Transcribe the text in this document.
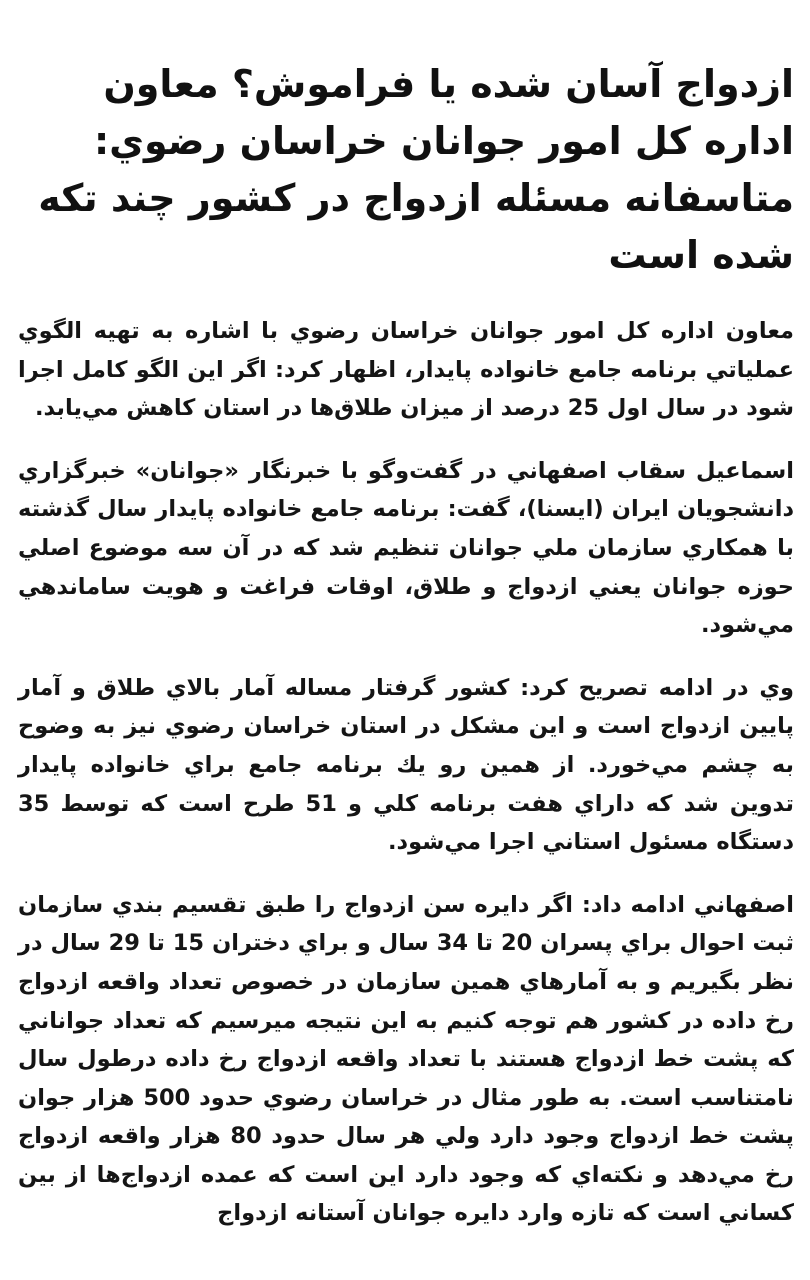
ازدواج آسان شده يا فراموش؟ معاون اداره كل امور جوانان خراسان رضوي: متاسفانه مسئله ازدواج در كشور چند تكه شده است

معاون اداره كل امور جوانان خراسان رضوي با اشاره به تهيه الگوي عملياتي برنامه جامع خانواده پايدار، اظهار كرد: اگر اين الگو كامل اجرا شود در سال اول 25 درصد از ميزان طلاق‌ها در استان كاهش مي‌يابد.

اسماعيل سقاب اصفهاني در گفت‌وگو با خبرنگار «جوانان» خبرگزاري دانشجويان ايران (ايسنا)، گفت: برنامه جامع خانواده پايدار سال گذشته با همكاري سازمان ملي جوانان تنظيم شد كه در آن سه موضوع اصلي حوزه جوانان يعني ازدواج و طلاق، اوقات فراغت و هويت ساماندهي مي‌شود.

وي در ادامه تصريح كرد: كشور گرفتار مساله آمار بالاي طلاق و آمار پايين ازدواج است و اين مشكل در استان خراسان رضوي نيز به وضوح به چشم مي‌خورد. از همين رو يك برنامه جامع براي خانواده پايدار تدوين شد كه داراي هفت برنامه كلي و 51 طرح است كه توسط 35 دستگاه مسئول استاني اجرا مي‌شود.

اصفهاني ادامه داد: اگر دايره سن ازدواج را طبق تقسيم بندي سازمان ثبت احوال براي پسران 20 تا 34 سال و براي دختران 15 تا 29 سال در نظر بگيريم و به آمارهاي همين سازمان در خصوص تعداد واقعه ازدواج رخ داده در كشور هم توجه كنيم به اين نتيجه ميرسيم كه تعداد جواناني كه پشت خط ازدواج هستند با تعداد واقعه ازدواج رخ داده درطول سال نامتناسب است. به طور مثال در خراسان رضوي حدود 500 هزار جوان پشت خط ازدواج وجود دارد ولي هر سال حدود 80 هزار واقعه ازدواج رخ مي‌دهد و نكته‌اي كه وجود دارد اين است كه عمده ازدواج‌ها از بين كساني است كه تازه وارد دايره جوانان آستانه ازدواج
